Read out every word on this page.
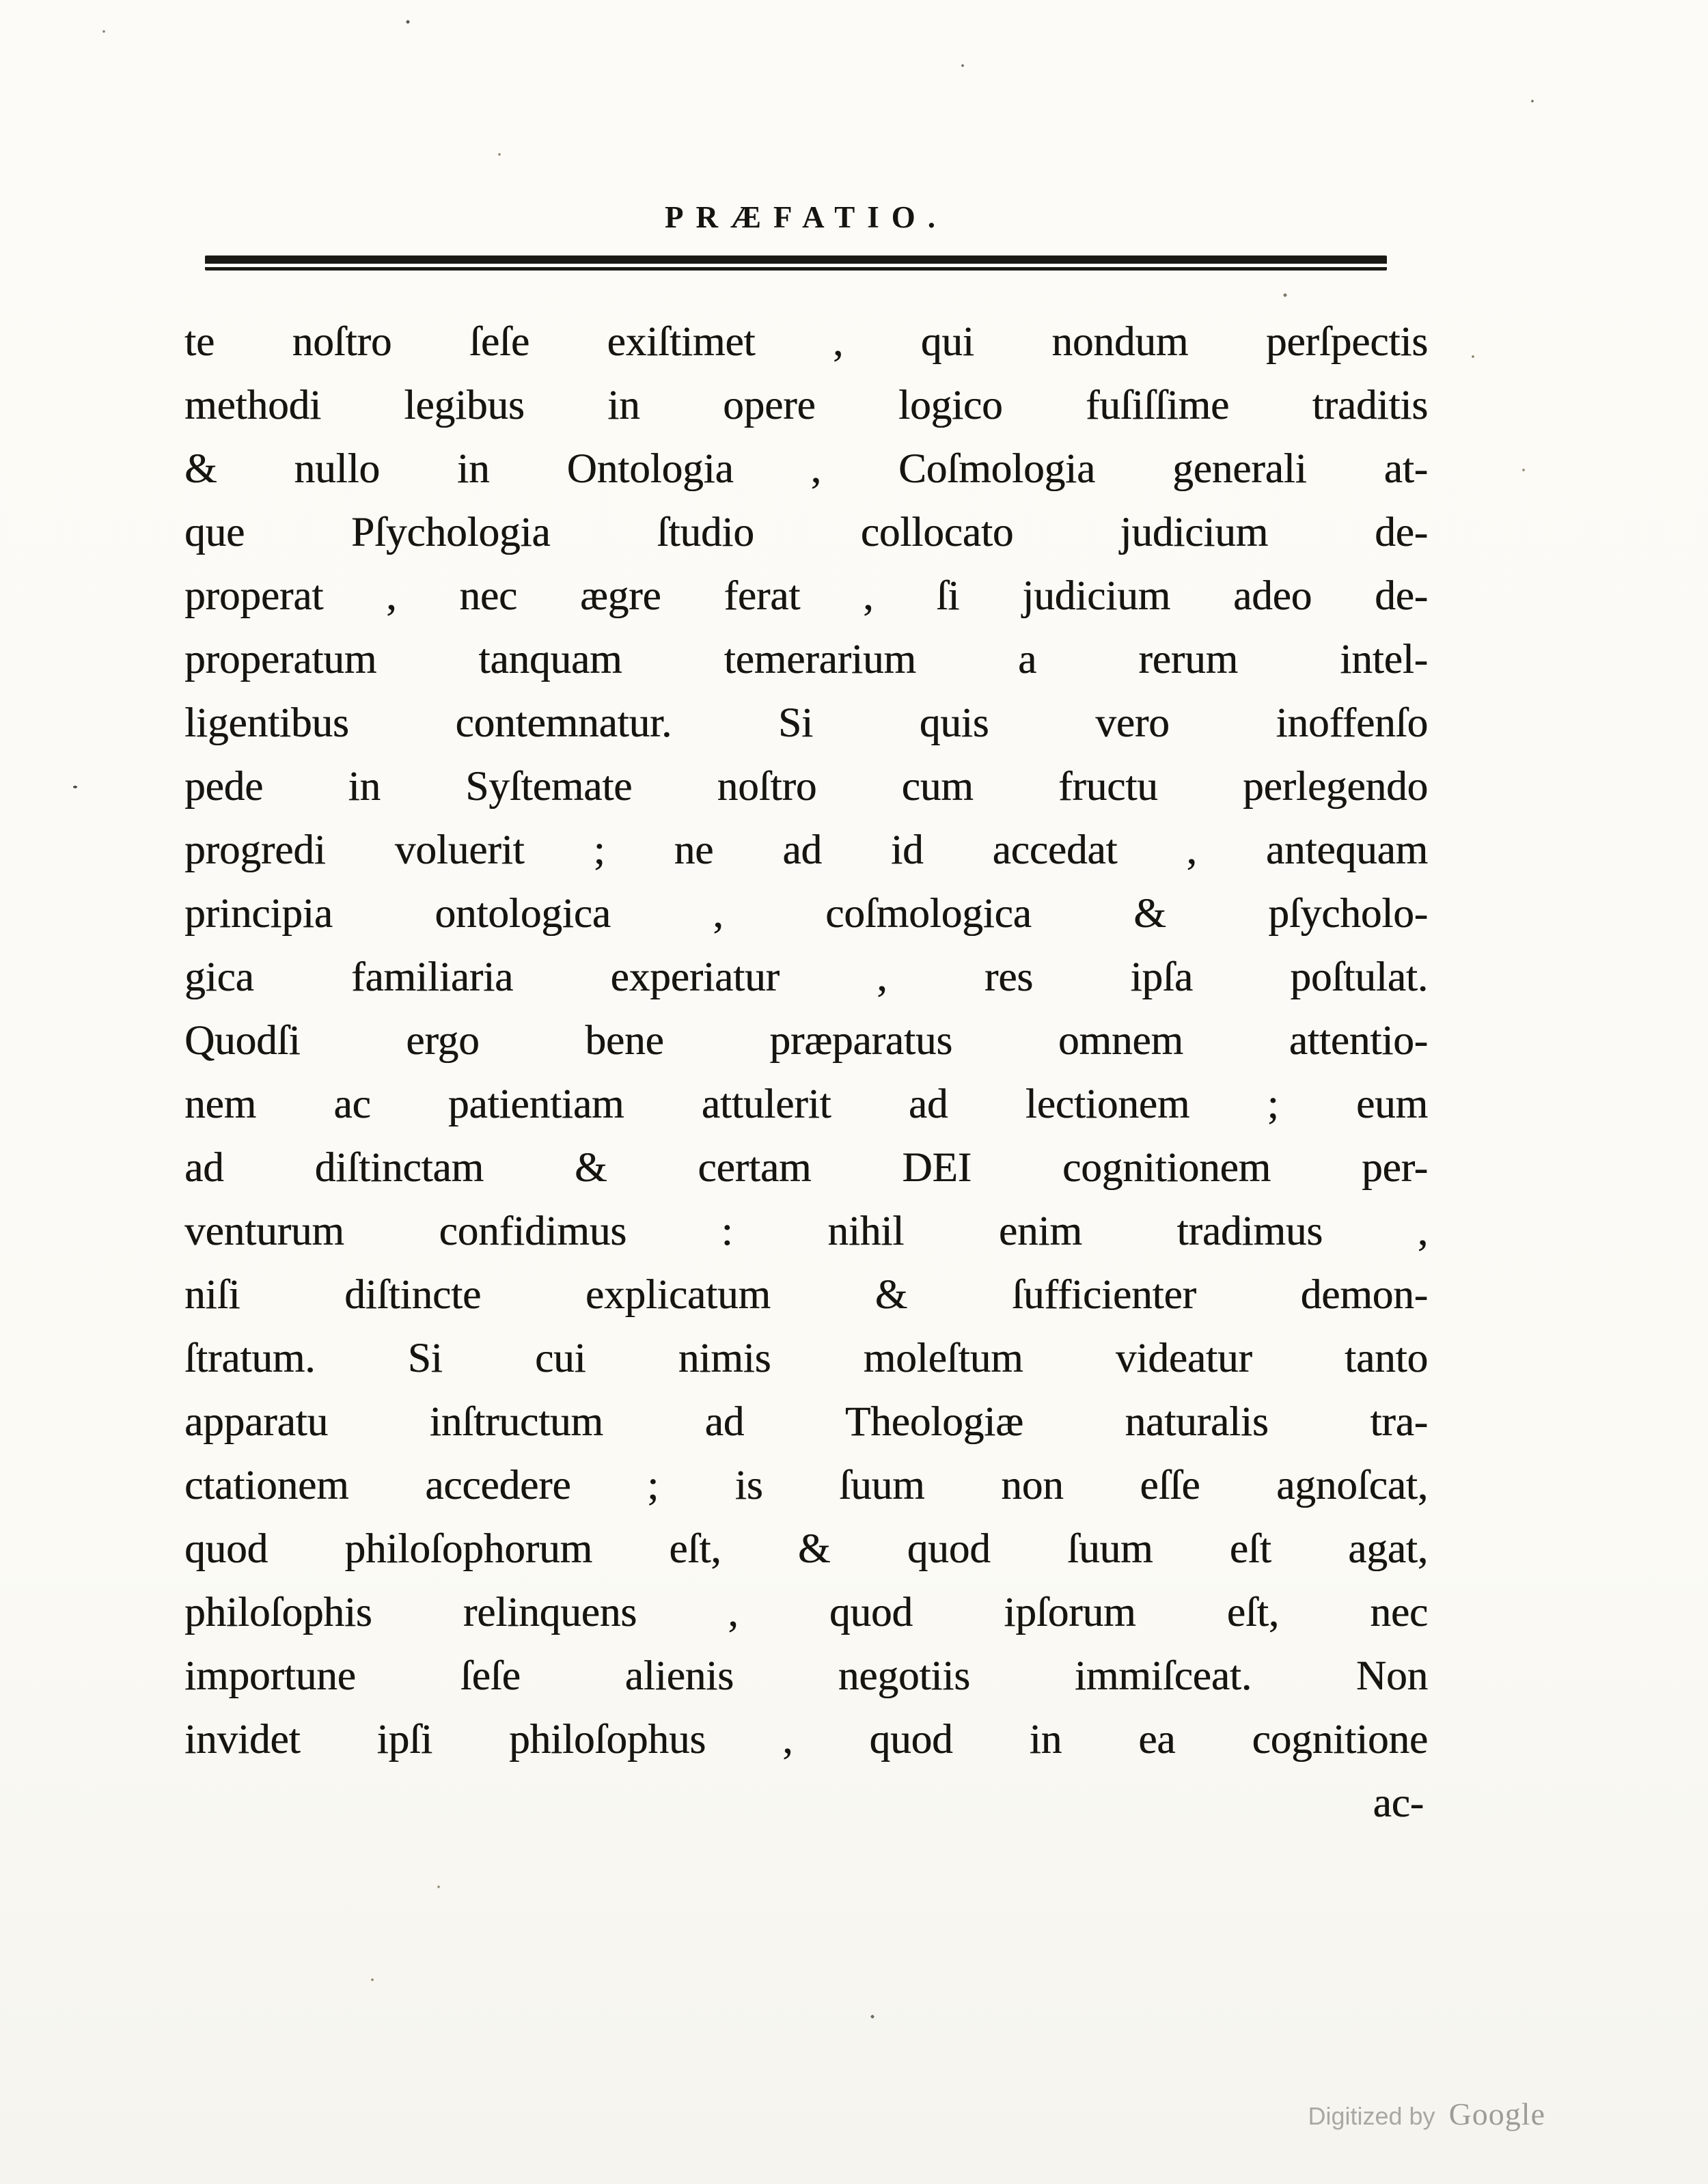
PRÆFATIO.
te noſtro ſeſe exiſtimet , qui nondum perſpectis
methodi legibus in opere logico fuſiſſime traditis
& nullo in Ontologia , Coſmologia generali at-
que Pſychologia ſtudio collocato judicium de-
properat , nec ægre ferat , ſi judicium adeo de-
properatum tanquam temerarium a rerum intel-
ligentibus contemnatur. Si quis vero inoffenſo
pede in Syſtemate noſtro cum fructu perlegendo
progredi voluerit ; ne ad id accedat , antequam
principia ontologica , coſmologica & pſycholo-
gica familiaria experiatur , res ipſa poſtulat.
Quodſi ergo bene præparatus omnem attentio-
nem ac patientiam attulerit ad lectionem ; eum
ad diſtinctam & certam DEI cognitionem per-
venturum confidimus : nihil enim tradimus ,
niſi diſtincte explicatum & ſufficienter demon-
ſtratum. Si cui nimis moleſtum videatur tanto
apparatu inſtructum ad Theologiæ naturalis tra-
ctationem accedere ; is ſuum non eſſe agnoſcat,
quod philoſophorum eſt, & quod ſuum eſt agat,
philoſophis relinquens , quod ipſorum eſt, nec
importune ſeſe alienis negotiis immiſceat. Non
invidet ipſi philoſophus , quod in ea cognitione
ac-
Digitized by Google
